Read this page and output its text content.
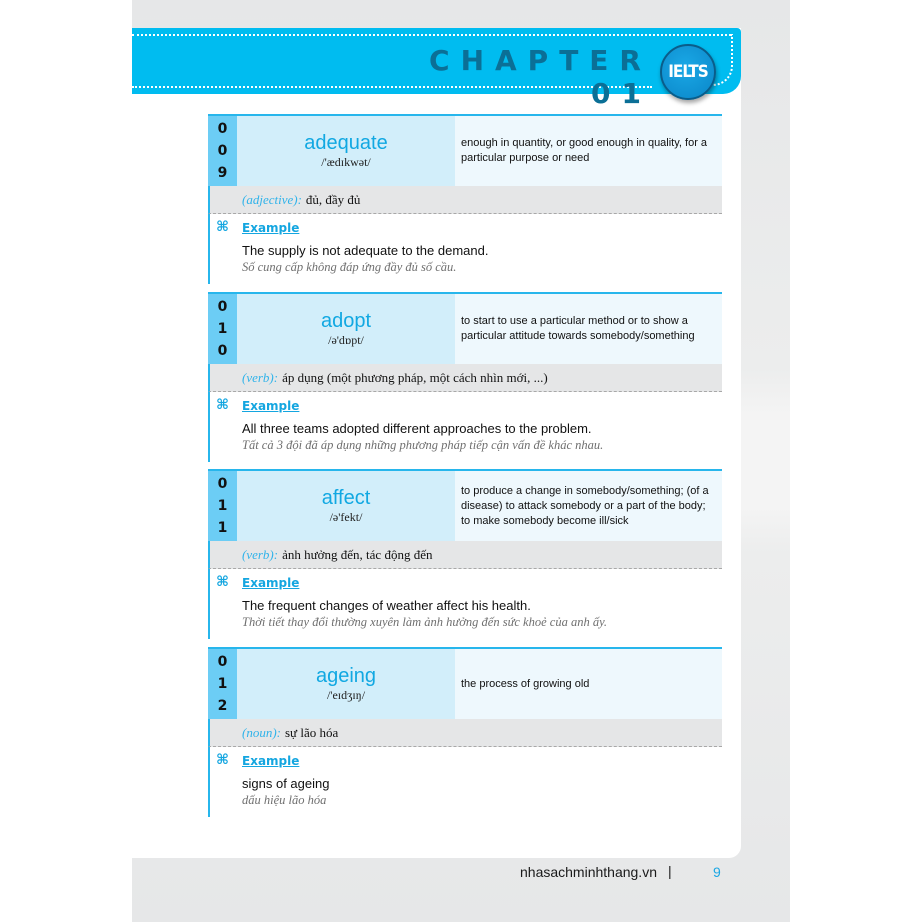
CHAPTER 01
IELTS
0
0
9
adequate
/'ædɪkwət/
enough in quantity, or good enough in quality, for a particular purpose or need
(adjective): đủ, đầy đủ
⌘ Example
The supply is not adequate to the demand.
Số cung cấp không đáp ứng đầy đủ số cầu.
0
1
0
adopt
/ə'dɒpt/
to start to use a particular method or to show a particular attitude towards somebody/something
(verb): áp dụng (một phương pháp, một cách nhìn mới, ...)
⌘ Example
All three teams adopted different approaches to the problem.
Tất cả 3 đội đã áp dụng những phương pháp tiếp cận vấn đề khác nhau.
0
1
1
affect
/ə'fekt/
to produce a change in somebody/something; (of a disease) to attack somebody or a part of the body; to make somebody become ill/sick
(verb): ảnh hưởng đến, tác động đến
⌘ Example
The frequent changes of weather affect his health.
Thời tiết thay đổi thường xuyên làm ảnh hưởng đến sức khoẻ của anh ấy.
0
1
2
ageing
/'eɪdʒɪŋ/
the process of growing old
(noun): sự lão hóa
⌘ Example
signs of ageing
dấu hiệu lão hóa
nhasachminhthang.vn |	9
